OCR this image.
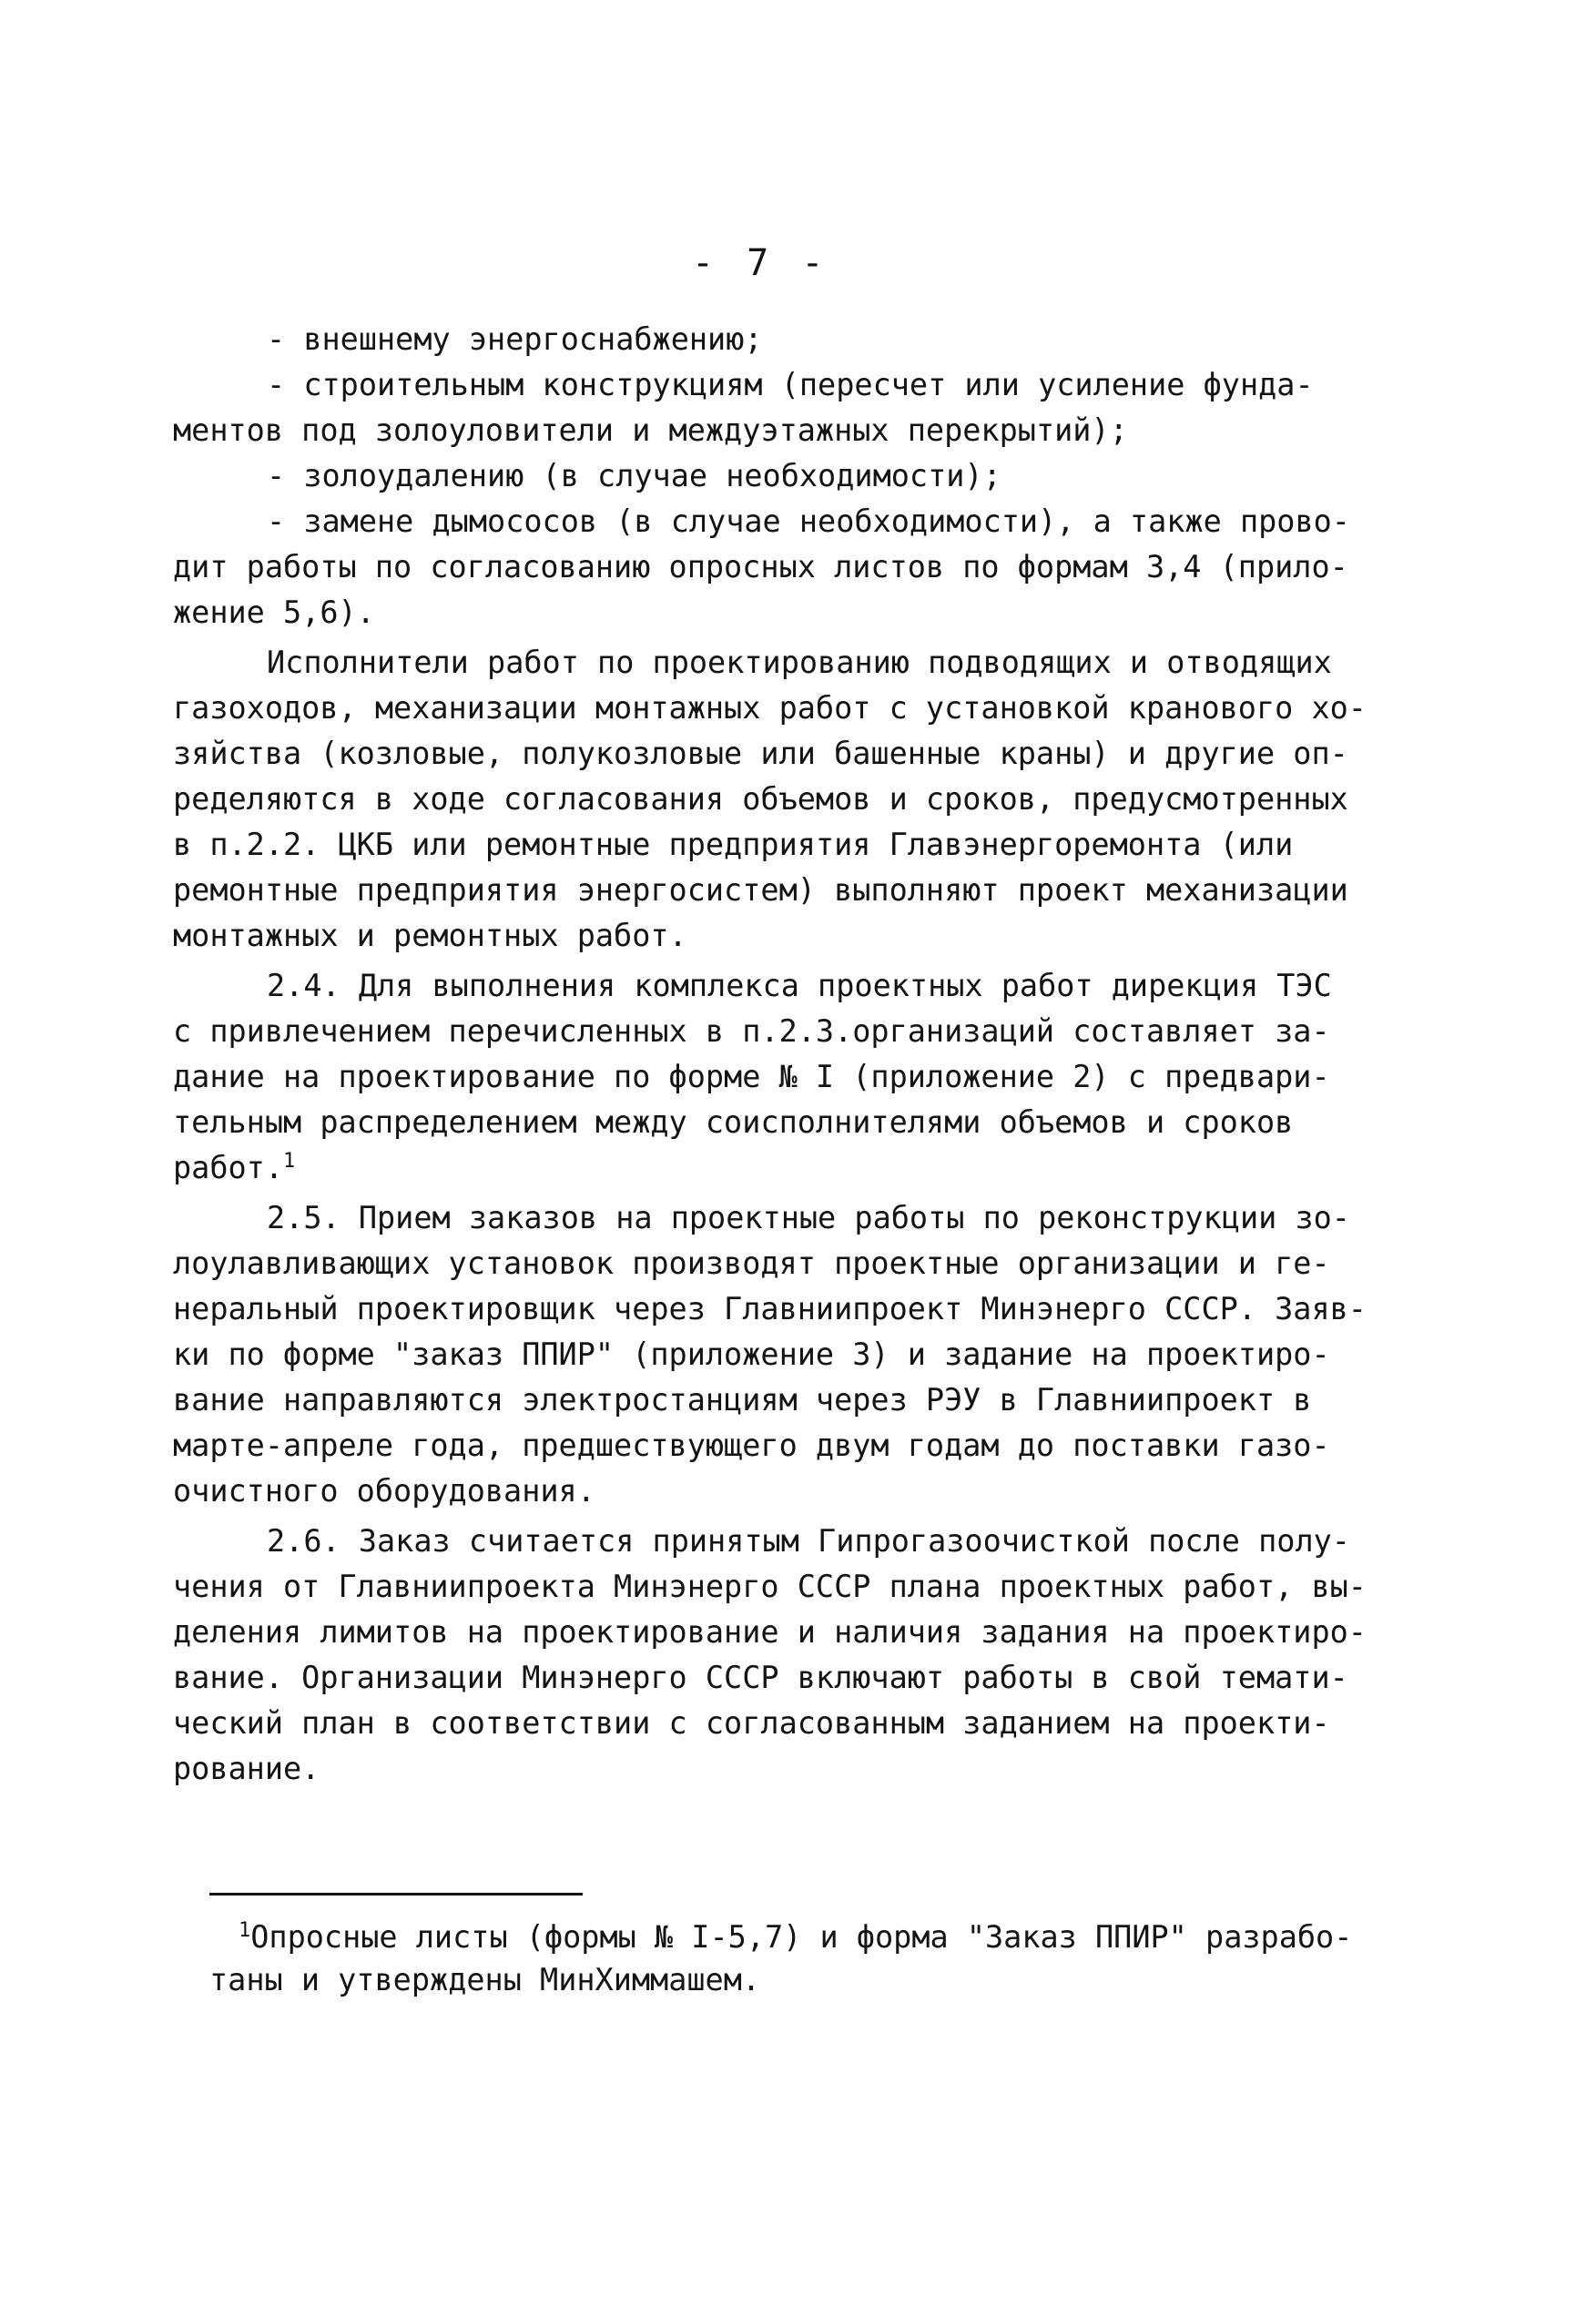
- 7 -
- внешнему энергоснабжению;
- строительным конструкциям (пересчет или усиление фунда-
ментов под золоуловители и междуэтажных перекрытий);
- золоудалению (в случае необходимости);
- замене дымососов (в случае необходимости), а также прово-
дит работы по согласованию опросных листов по формам 3,4 (прило-
жение 5,6).
Исполнители работ по проектированию подводящих и отводящих
газоходов, механизации монтажных работ с установкой кранового хо-
зяйства (козловые, полукозловые или башенные краны) и другие оп-
ределяются в ходе согласования объемов и сроков, предусмотренных
в п.2.2. ЦКБ или ремонтные предприятия Главэнергоремонта (или
ремонтные предприятия энергосистем) выполняют проект механизации
монтажных и ремонтных работ.
2.4. Для выполнения комплекса проектных работ дирекция ТЭС
с привлечением перечисленных в п.2.3.организаций составляет за-
дание на проектирование по форме № I (приложение 2) с предвари-
тельным распределением между соисполнителями объемов и сроков
работ.$^1$
2.5. Прием заказов на проектные работы по реконструкции зо-
лоулавливающих установок производят проектные организации и ге-
неральный проектировщик через Главниипроект Минэнерго СССР. Заяв-
ки по форме "заказ ППИР" (приложение 3) и задание на проектиро-
вание направляются электростанциям через РЭУ в Главниипроект в
марте-апреле года, предшествующего двум годам до поставки газо-
очистного оборудования.
2.6. Заказ считается принятым Гипрогазоочисткой после полу-
чения от Главниипроекта Минэнерго СССР плана проектных работ, вы-
деления лимитов на проектирование и наличия задания на проектиро-
вание. Организации Минэнерго СССР включают работы в свой темати-
ческий план в соответствии с согласованным заданием на проекти-
рование.
$^1$Опросные листы (формы № I-5,7) и форма "Заказ ППИР" разрабо-
таны и утверждены МинХиммашем.
